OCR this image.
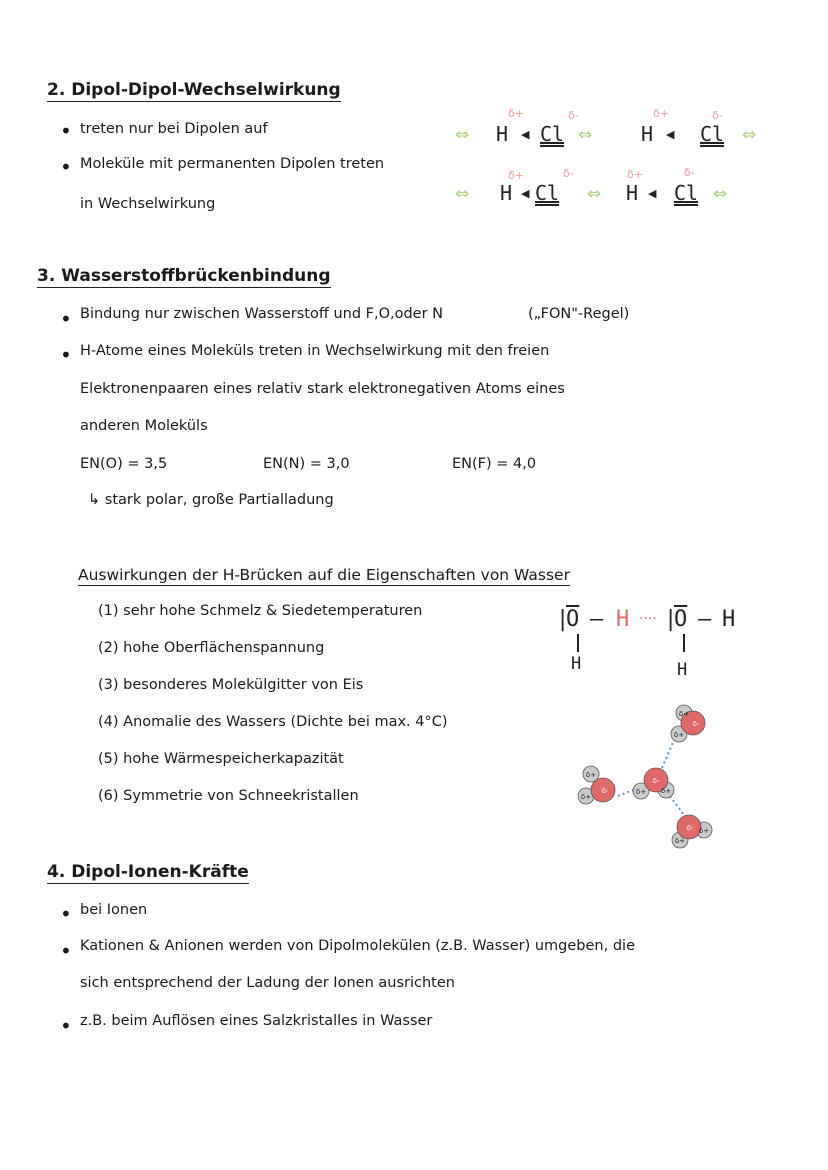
2. Dipol-Dipol-Wechselwirkung
• treten nur bei Dipolen auf
• Moleküle mit permanenten Dipolen treten
in Wechselwirkung
δ+	δ-	δ+	δ-
⇔ H ◀ Cl ⇔ H ◀ Cl ⇔
δ+	δ-	δ+	δ-
⇔ H ◀ Cl ⇔ H ◀ Cl ⇔
3. Wasserstoffbrückenbindung
• Bindung nur zwischen Wasserstoff und F,O,oder N	(„FON"-Regel)
• H-Atome eines Moleküls treten in Wechselwirkung mit den freien
Elektronenpaaren eines relativ stark elektronegativen Atoms eines
anderen Moleküls
EN(O) = 3,5	EN(N) = 3,0	EN(F) = 4,0
↳ stark polar, große Partialladung
Auswirkungen der H-Brücken auf die Eigenschaften von Wasser
(1) sehr hohe Schmelz & Siedetemperaturen
(2) hohe Oberflächenspannung
(3) besonderes Molekülgitter von Eis
(4) Anomalie des Wassers (Dichte bei max. 4°C)
(5) hohe Wärmespeicherkapazität
(6) Symmetrie von Schneekristallen
|
$\overline{O}$ — H ···· |
$\overline{O}$ — H
H	H
δ+
δ+
δ-
δ+
δ+
δ-	δ+ δ+
δ-
δ+
δ+
δ-
4. Dipol-Ionen-Kräfte
• bei Ionen
• Kationen & Anionen werden von Dipolmolekülen (z.B. Wasser) umgeben, die
sich entsprechend der Ladung der Ionen ausrichten
• z.B. beim Auflösen eines Salzkristalles in Wasser
